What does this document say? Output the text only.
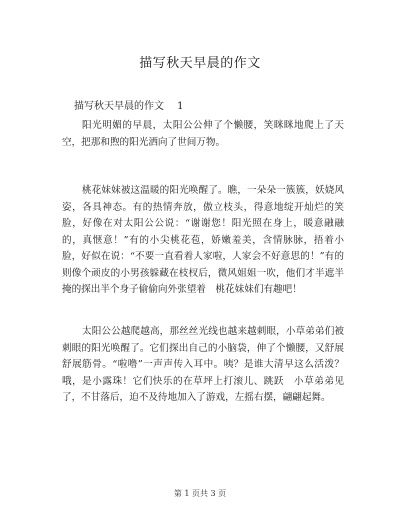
描写秋天早晨的作文
描写秋天早晨的作文　 1

阳光明媚的早晨，太阳公公伸了个懒腰，笑眯眯地爬上了天空，把那和煦的阳光洒向了世间万物。

桃花妹妹被这温暖的阳光唤醒了。瞧，一朵朵一簇簇，妖娆风姿，各具神态。有的热情奔放，傲立枝头，得意地绽开灿烂的笑脸，好像在对太阳公公说：“谢谢您！阳光照在身上，暖意融融的，真惬意！”有的小尖桃花苞，娇嫩羞美，含情脉脉，捂着小脸，好似在说：“不要一直看着人家啦，人家会不好意思的！”有的则像个顽皮的小男孩躲藏在枝杈后，微风姐姐一吹，他们才半遮半掩的探出半个身子偷偷向外张望着　桃花妹妹们有趣吧！

太阳公公越爬越高，那丝丝光线也越来越刺眼，小草弟弟们被刺眼的阳光唤醒了。它们探出自己的小脑袋，伸了个懒腰，又舒展舒展筋骨。“啦噜”一声声传入耳中。咦？是谁大清早这么活泼？哦，是小露珠！它们快乐的在草坪上打滚儿、跳跃　小草弟弟见了，不甘落后，迫不及待地加入了游戏，左摇右摆，翩翩起舞。

第 1 页共 3 页
